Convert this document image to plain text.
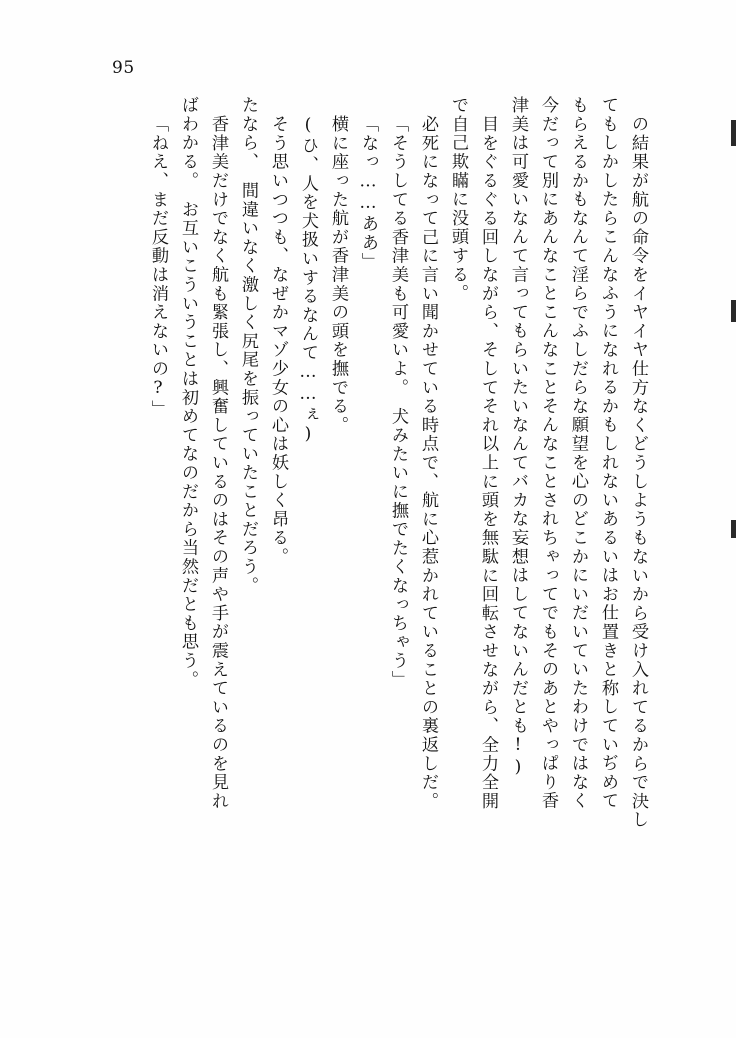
95
の結果が航の命令をイヤイヤ仕方なくどうしようもないから受け入れてるからで決し
てもしかしたらこんなふうになれるかもしれないあるいはお仕置きと称していぢめて
もらえるかもなんて淫らでふしだらな願望を心のどこかにいだいていたわけではなく
今だって別にあんなことこんなことそんなことされちゃってでもそのあとやっぱり香
津美は可愛いなんて言ってもらいたいなんてバカな妄想はしてないんだとも!)
目をぐるぐる回しながら、そしてそれ以上に頭を無駄に回転させながら、全力全開
で自己欺瞞に没頭する。
必死になって己に言い聞かせている時点で、航に心惹かれていることの裏返しだ。
「そうしてる香津美も可愛いよ。　犬みたいに撫でたくなっちゃう」
「なっ……ああ」
横に座った航が香津美の頭を撫でる。
(ひ、人を犬扱いするなんて……ぇ)
そう思いつつも、なぜかマゾ少女の心は妖しく昂る。
たなら、　間違いなく激しく尻尾を振っていたことだろう。
香津美だけでなく航も緊張し、興奮しているのはその声や手が震えているのを見れ
ばわかる。　お互いこういうことは初めてなのだから当然だとも思う。
「ねえ、まだ反動は消えないの?」
